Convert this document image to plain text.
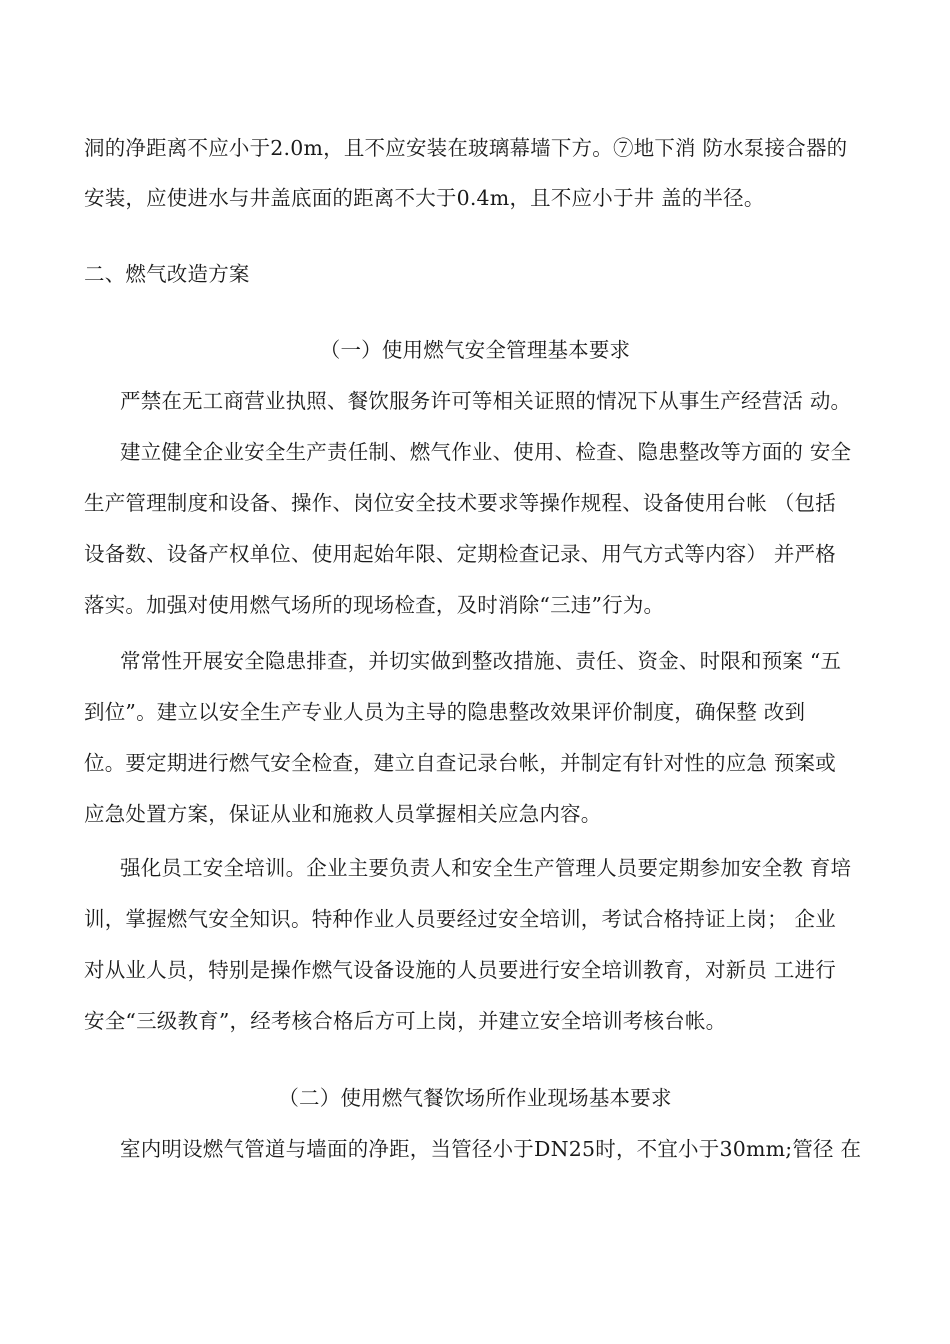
洞的净距离不应小于2.0m，且不应安装在玻璃幕墙下方。⑦地下消 防水泵接合器的
安装，应使进水与井盖底面的距离不大于0.4m，且不应小于井 盖的半径。
二、燃气改造方案
（一）使用燃气安全管理基本要求
严禁在无工商营业执照、餐饮服务许可等相关证照的情况下从事生产经营活 动。
建立健全企业安全生产责任制、燃气作业、使用、检查、隐患整改等方面的 安全
生产管理制度和设备、操作、岗位安全技术要求等操作规程、设备使用台帐 （包括
设备数、设备产权单位、使用起始年限、定期检查记录、用气方式等内容） 并严格
落实。加强对使用燃气场所的现场检查，及时消除“三违”行为。
常常性开展安全隐患排查，并切实做到整改措施、责任、资金、时限和预案 “五
到位”。建立以安全生产专业人员为主导的隐患整改效果评价制度，确保整 改到
位。要定期进行燃气安全检查，建立自查记录台帐，并制定有针对性的应急 预案或
应急处置方案，保证从业和施救人员掌握相关应急内容。
强化员工安全培训。企业主要负责人和安全生产管理人员要定期参加安全教 育培
训，掌握燃气安全知识。特种作业人员要经过安全培训，考试合格持证上岗； 企业
对从业人员，特别是操作燃气设备设施的人员要进行安全培训教育，对新员 工进行
安全“三级教育”，经考核合格后方可上岗，并建立安全培训考核台帐。
（二）使用燃气餐饮场所作业现场基本要求
室内明设燃气管道与墙面的净距，当管径小于DN25时，不宜小于30mm;管径 在
